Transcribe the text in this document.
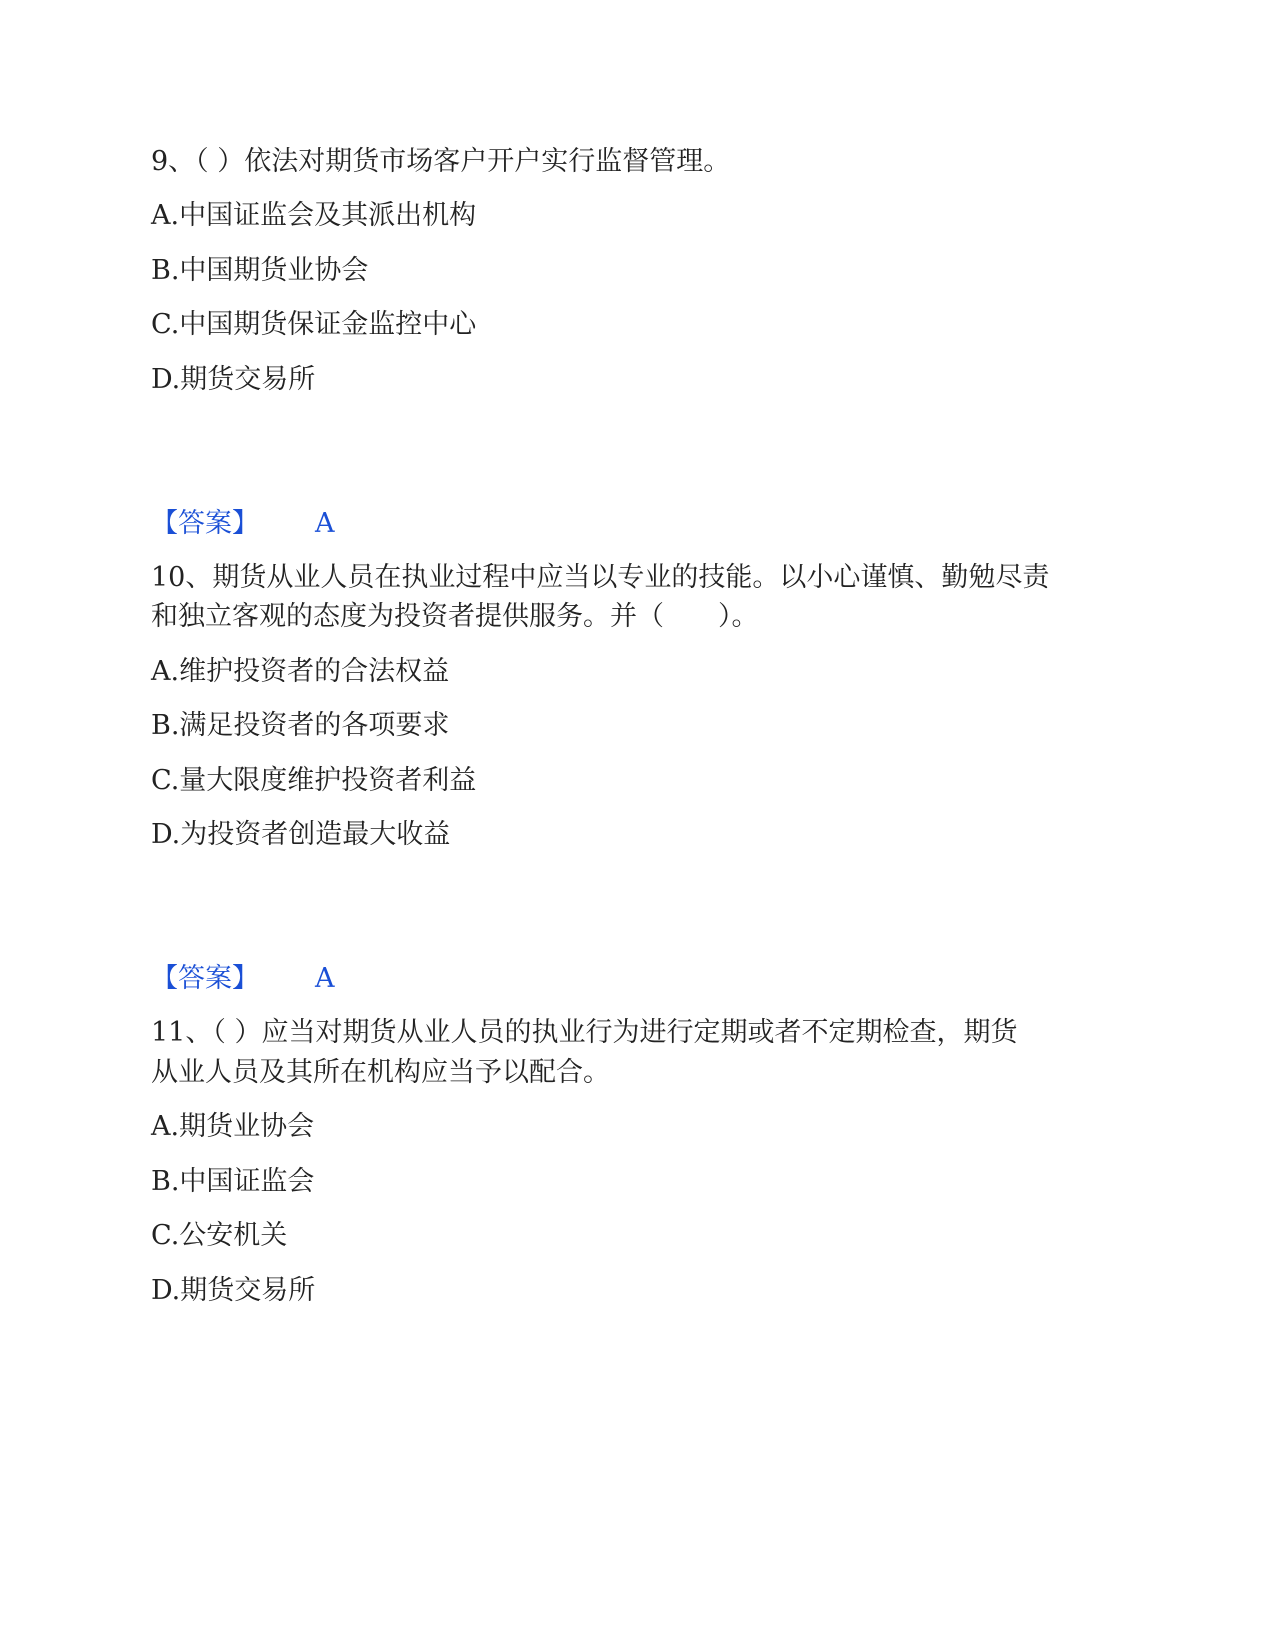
9、（ ）依法对期货市场客户开户实行监督管理。
A.中国证监会及其派出机构
B.中国期货业协会
C.中国期货保证金监控中心
D.期货交易所
【答案】 A
10、期货从业人员在执业过程中应当以专业的技能。以小心谨慎、勤勉尽责
和独立客观的态度为投资者提供服务。并（　　）。
A.维护投资者的合法权益
B.满足投资者的各项要求
C.量大限度维护投资者利益
D.为投资者创造最大收益
【答案】 A
11、（ ）应当对期货从业人员的执业行为进行定期或者不定期检查，期货
从业人员及其所在机构应当予以配合。
A.期货业协会
B.中国证监会
C.公安机关
D.期货交易所
